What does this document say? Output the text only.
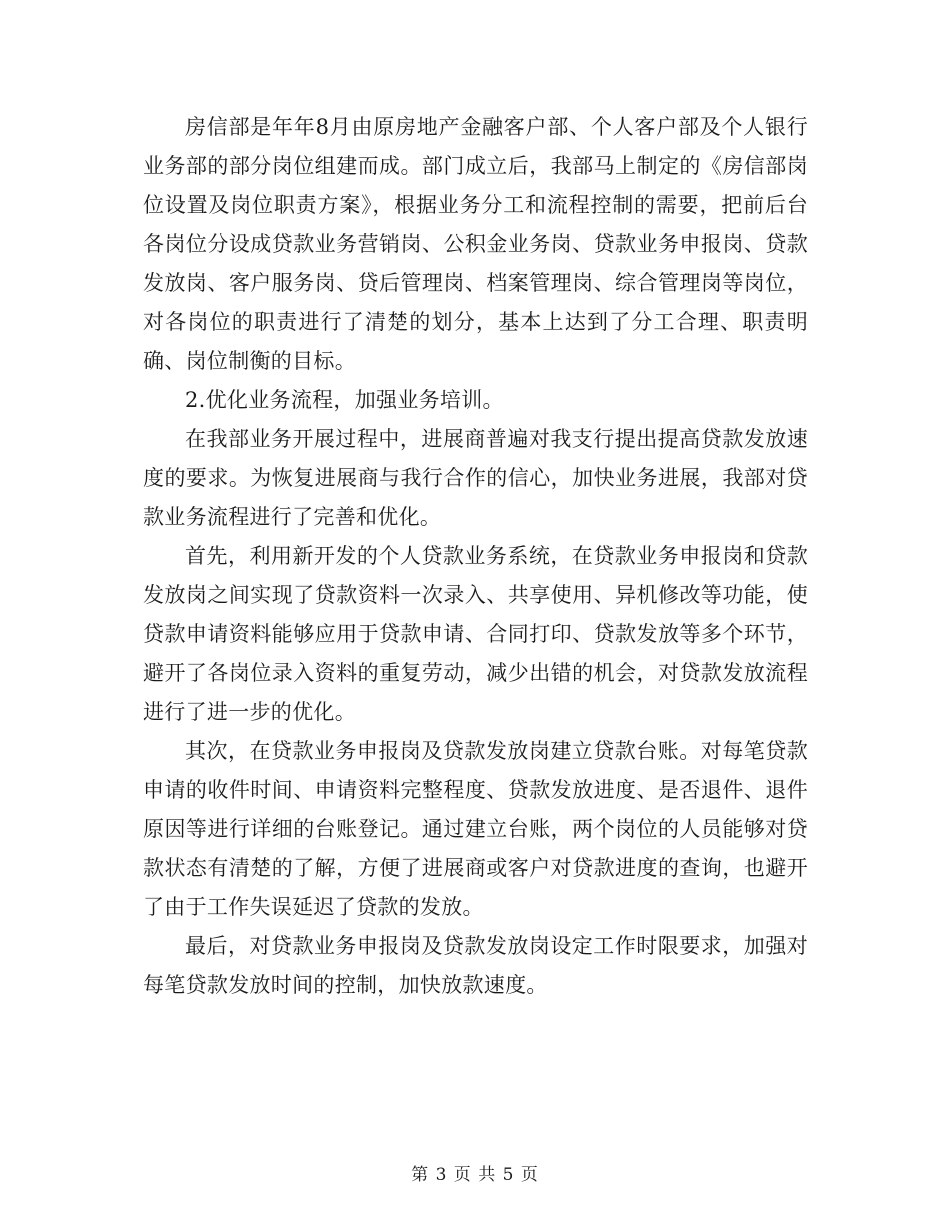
房信部是年年8月由原房地产金融客户部、个人客户部及个人银行业务部的部分岗位组建而成。部门成立后，我部马上制定的《房信部岗位设置及岗位职责方案》，根据业务分工和流程控制的需要，把前后台各岗位分设成贷款业务营销岗、公积金业务岗、贷款业务申报岗、贷款发放岗、客户服务岗、贷后管理岗、档案管理岗、综合管理岗等岗位，对各岗位的职责进行了清楚的划分，基本上达到了分工合理、职责明确、岗位制衡的目标。

2.优化业务流程，加强业务培训。

在我部业务开展过程中，进展商普遍对我支行提出提高贷款发放速度的要求。为恢复进展商与我行合作的信心，加快业务进展，我部对贷款业务流程进行了完善和优化。

首先，利用新开发的个人贷款业务系统，在贷款业务申报岗和贷款发放岗之间实现了贷款资料一次录入、共享使用、异机修改等功能，使贷款申请资料能够应用于贷款申请、合同打印、贷款发放等多个环节，避开了各岗位录入资料的重复劳动，减少出错的机会，对贷款发放流程进行了进一步的优化。

其次，在贷款业务申报岗及贷款发放岗建立贷款台账。对每笔贷款申请的收件时间、申请资料完整程度、贷款发放进度、是否退件、退件原因等进行详细的台账登记。通过建立台账，两个岗位的人员能够对贷款状态有清楚的了解，方便了进展商或客户对贷款进度的查询，也避开了由于工作失误延迟了贷款的发放。

最后，对贷款业务申报岗及贷款发放岗设定工作时限要求，加强对每笔贷款发放时间的控制，加快放款速度。

第 3 页 共 5 页
